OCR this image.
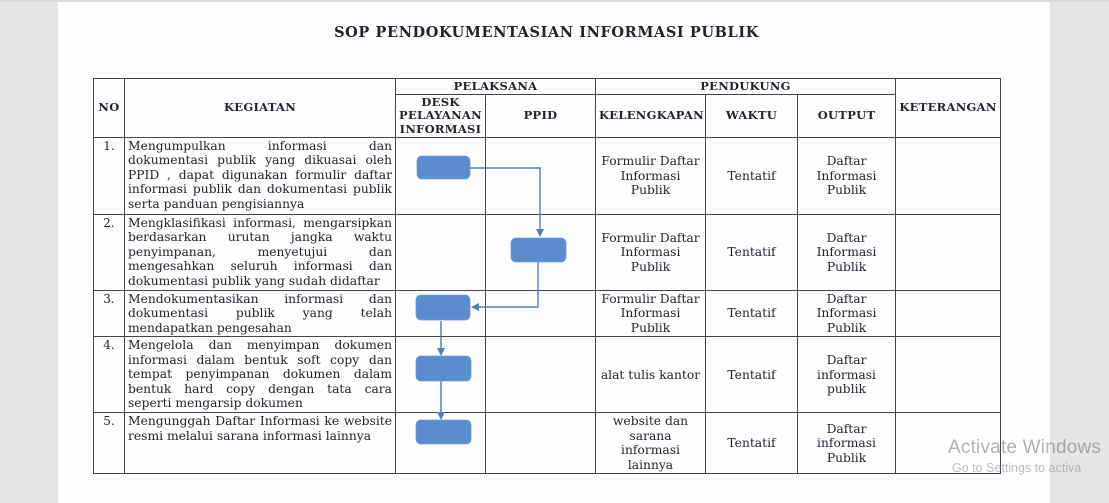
SOP PENDOKUMENTASIAN INFORMASI PUBLIK
NO	KEGIATAN	PELAKSANA		PENDUKUNG			KETERANGAN
		DESK PELAYANAN INFORMASI	PPID	KELENGKAPAN	WAKTU	OUTPUT	
1.	Mengumpulkan informasi dan dokumentasi publik yang dikuasai oleh PPID , dapat digunakan formulir daftar informasi publik dan dokumentasi publik serta panduan pengisiannya			Formulir Daftar Informasi Publik	Tentatif	Daftar Informasi Publik	
2.	Mengklasifikasi informasi, mengarsipkan berdasarkan urutan jangka waktu penyimpanan, menyetujui dan mengesahkan seluruh informasi dan dokumentasi publik yang sudah didaftar			Formulir Daftar Informasi Publik	Tentatif	Daftar Informasi Publik	
3.	Mendokumentasikan informasi dan dokumentasi publik yang telah mendapatkan pengesahan			Formulir Daftar Informasi Publik	Tentatif	Daftar Informasi Publik	
4.	Mengelola dan menyimpan dokumen informasi dalam bentuk soft copy dan tempat penyimpanan dokumen dalam bentuk hard copy dengan tata cara seperti mengarsip dokumen			alat tulis kantor	Tentatif	Daftar informasi publik	
5.	Mengunggah Daftar Informasi ke website resmi melalui sarana informasi lainnya			website dan sarana informasi lainnya	Tentatif	Daftar informasi Publik		Activate Windows
Go to Settings to activa
